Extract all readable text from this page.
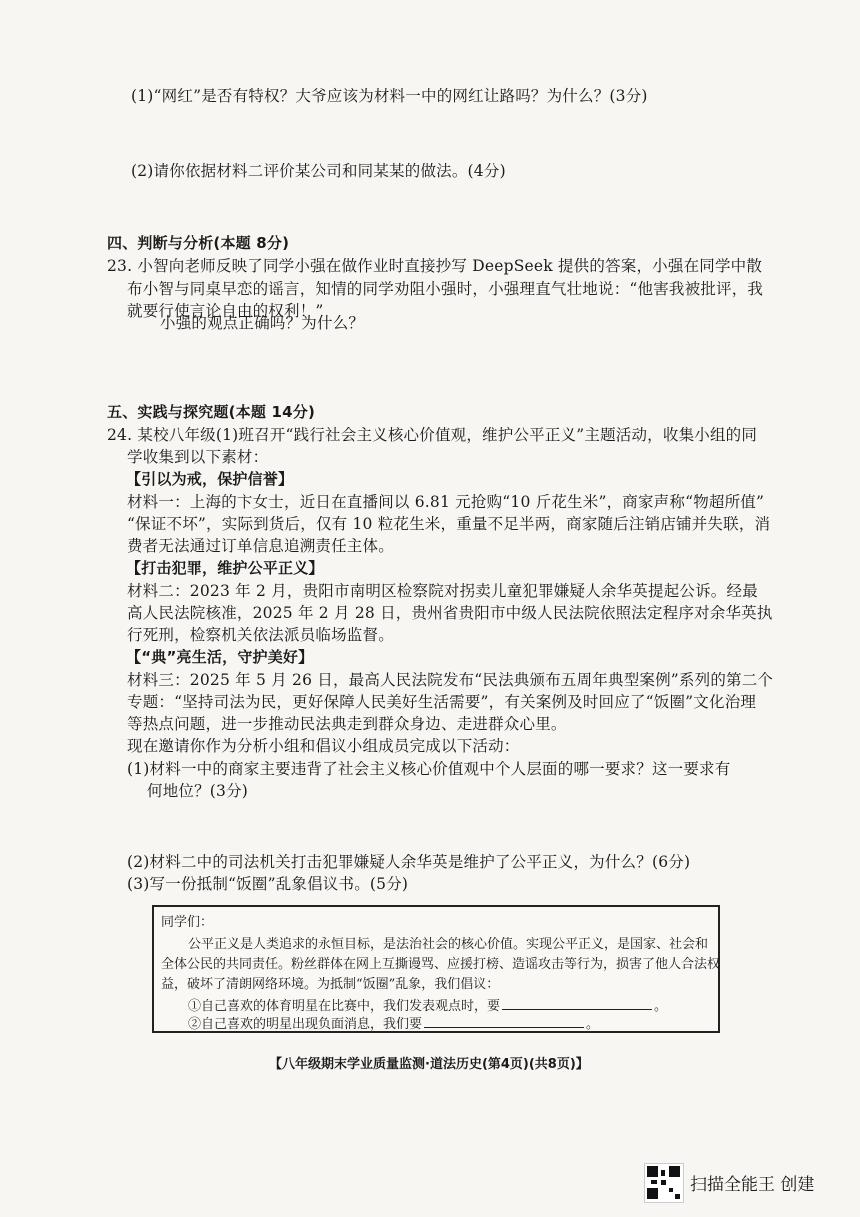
(1)“网红”是否有特权？大爷应该为材料一中的网红让路吗？为什么？(3分)
(2)请你依据材料二评价某公司和同某某的做法。(4分)
四、判断与分析(本题 8分)
23. 小智向老师反映了同学小强在做作业时直接抄写 DeepSeek 提供的答案，小强在同学中散
布小智与同桌早恋的谣言，知情的同学劝阻小强时，小强理直气壮地说：“他害我被批评，我
就要行使言论自由的权利！”
小强的观点正确吗？为什么？
五、实践与探究题(本题 14分)
24. 某校八年级(1)班召开“践行社会主义核心价值观，维护公平正义”主题活动，收集小组的同
学收集到以下素材：
【引以为戒，保护信誉】
材料一：上海的卞女士，近日在直播间以 6.81 元抢购“10 斤花生米”，商家声称“物超所值”
“保证不坏”，实际到货后，仅有 10 粒花生米，重量不足半两，商家随后注销店铺并失联，消
费者无法通过订单信息追溯责任主体。
【打击犯罪，维护公平正义】
材料二：2023 年 2 月，贵阳市南明区检察院对拐卖儿童犯罪嫌疑人余华英提起公诉。经最
高人民法院核准，2025 年 2 月 28 日，贵州省贵阳市中级人民法院依照法定程序对余华英执
行死刑，检察机关依法派员临场监督。
【“典”亮生活，守护美好】
材料三：2025 年 5 月 26 日，最高人民法院发布“民法典颁布五周年典型案例”系列的第二个
专题：“坚持司法为民，更好保障人民美好生活需要”，有关案例及时回应了“饭圈”文化治理
等热点问题，进一步推动民法典走到群众身边、走进群众心里。
现在邀请你作为分析小组和倡议小组成员完成以下活动：
(1)材料一中的商家主要违背了社会主义核心价值观中个人层面的哪一要求？这一要求有
何地位？(3分)
(2)材料二中的司法机关打击犯罪嫌疑人余华英是维护了公平正义，为什么？(6分)
(3)写一份抵制“饭圈”乱象倡议书。(5分)
同学们：
公平正义是人类追求的永恒目标，是法治社会的核心价值。实现公平正义，是国家、社会和
全体公民的共同责任。粉丝群体在网上互撕谩骂、应援打榜、造谣攻击等行为，损害了他人合法权
益，破坏了清朗网络环境。为抵制“饭圈”乱象，我们倡议：
①自己喜欢的体育明星在比赛中，我们发表观点时，要	。
②自己喜欢的明星出现负面消息，我们要	。
【八年级期末学业质量监测·道法历史(第4页)(共8页)】
扫描全能王 创建
